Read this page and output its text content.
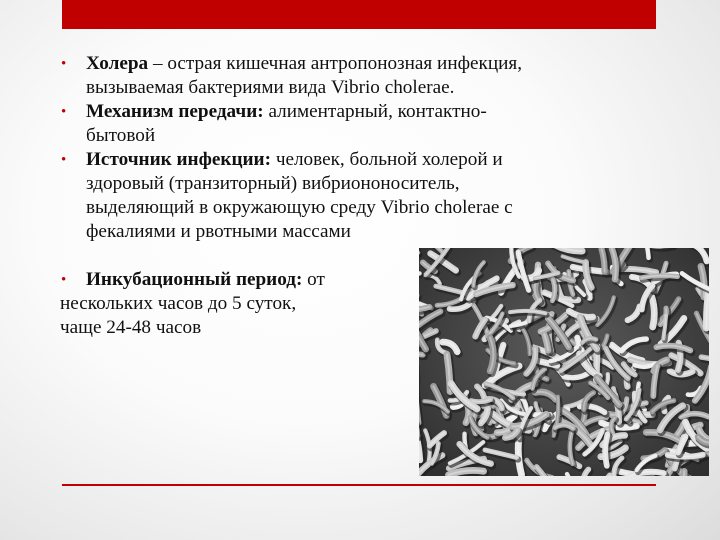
• Холера – острая кишечная антропонозная инфекция,
вызываемая бактериями вида Vibrio cholerae.

• Механизм передачи: алиментарный, контактно-
бытовой

• Источник инфекции: человек, больной холерой и
здоровый (транзиторный) вибриононоситель,
выделяющий в окружающую среду Vibrio cholerae с
фекалиями и рвотными массами

• Инкубационный период: от
нескольких часов до 5 суток,
чаще 24-48 часов
